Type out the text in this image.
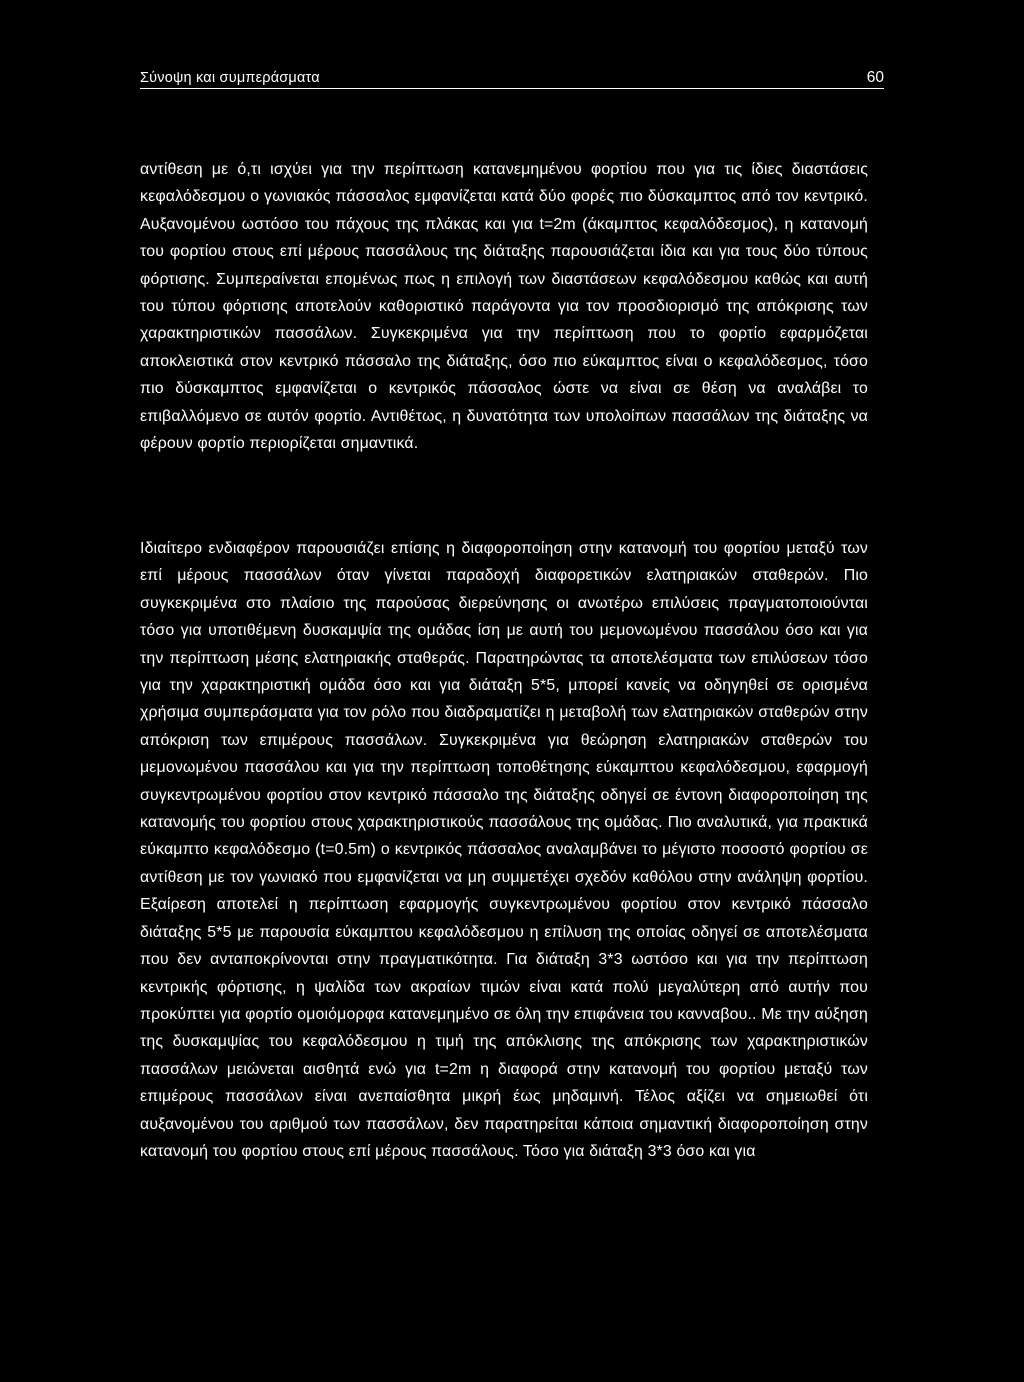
Σύνοψη και συμπεράσματα	60

αντίθεση με ό,τι ισχύει για την περίπτωση κατανεμημένου φορτίου που για τις ίδιες διαστάσεις κεφαλόδεσμου ο γωνιακός πάσσαλος εμφανίζεται κατά δύο φορές πιο δύσκαμπτος από τον κεντρικό. Αυξανομένου ωστόσο του πάχους της πλάκας και για t=2m (άκαμπτος κεφαλόδεσμος), η κατανομή του φορτίου στους επί μέρους πασσάλους της διάταξης παρουσιάζεται ίδια και για τους δύο τύπους φόρτισης. Συμπεραίνεται επομένως πως η επιλογή των διαστάσεων κεφαλόδεσμου καθώς και αυτή του τύπου φόρτισης αποτελούν καθοριστικό παράγοντα για τον προσδιορισμό της απόκρισης των χαρακτηριστικών πασσάλων. Συγκεκριμένα για την περίπτωση που το φορτίο εφαρμόζεται αποκλειστικά στον κεντρικό πάσσαλο της διάταξης, όσο πιο εύκαμπτος είναι ο κεφαλόδεσμος, τόσο πιο δύσκαμπτος εμφανίζεται ο κεντρικός πάσσαλος ώστε να είναι σε θέση να αναλάβει το επιβαλλόμενο σε αυτόν φορτίο. Αντιθέτως, η δυνατότητα των υπολοίπων πασσάλων της διάταξης να φέρουν φορτίο περιορίζεται σημαντικά.

Ιδιαίτερο ενδιαφέρον παρουσιάζει επίσης η διαφοροποίηση στην κατανομή του φορτίου μεταξύ των επί μέρους πασσάλων όταν γίνεται παραδοχή διαφορετικών ελατηριακών σταθερών. Πιο συγκεκριμένα στο πλαίσιο της παρούσας διερεύνησης οι ανωτέρω επιλύσεις πραγματοποιούνται τόσο για υποτιθέμενη δυσκαμψία της ομάδας ίση με αυτή του μεμονωμένου πασσάλου όσο και για την περίπτωση μέσης ελατηριακής σταθεράς. Παρατηρώντας τα αποτελέσματα των επιλύσεων τόσο για την χαρακτηριστική ομάδα όσο και για διάταξη 5*5, μπορεί κανείς να οδηγηθεί σε ορισμένα χρήσιμα συμπεράσματα για τον ρόλο που διαδραματίζει η μεταβολή των ελατηριακών σταθερών στην απόκριση των επιμέρους πασσάλων. Συγκεκριμένα για θεώρηση ελατηριακών σταθερών του μεμονωμένου πασσάλου και για την περίπτωση τοποθέτησης εύκαμπτου κεφαλόδεσμου, εφαρμογή συγκεντρωμένου φορτίου στον κεντρικό πάσσαλο της διάταξης οδηγεί σε έντονη διαφοροποίηση της κατανομής του φορτίου στους χαρακτηριστικούς πασσάλους της ομάδας. Πιο αναλυτικά, για πρακτικά εύκαμπτο κεφαλόδεσμο (t=0.5m) ο κεντρικός πάσσαλος αναλαμβάνει το μέγιστο ποσοστό φορτίου σε αντίθεση με τον γωνιακό που εμφανίζεται να μη συμμετέχει σχεδόν καθόλου στην ανάληψη φορτίου. Εξαίρεση αποτελεί η περίπτωση εφαρμογής συγκεντρωμένου φορτίου στον κεντρικό πάσσαλο διάταξης 5*5 με παρουσία εύκαμπτου κεφαλόδεσμου η επίλυση της οποίας οδηγεί σε αποτελέσματα που δεν ανταποκρίνονται στην πραγματικότητα. Για διάταξη 3*3 ωστόσο και για την περίπτωση κεντρικής φόρτισης, η ψαλίδα των ακραίων τιμών είναι κατά πολύ μεγαλύτερη από αυτήν που προκύπτει για φορτίο ομοιόμορφα κατανεμημένο σε όλη την επιφάνεια του κανναβου.. Με την αύξηση της δυσκαμψίας του κεφαλόδεσμου η τιμή της απόκλισης της απόκρισης των χαρακτηριστικών πασσάλων μειώνεται αισθητά ενώ για t=2m η διαφορά στην κατανομή του φορτίου μεταξύ των επιμέρους πασσάλων είναι ανεπαίσθητα μικρή έως μηδαμινή. Τέλος αξίζει να σημειωθεί ότι αυξανομένου του αριθμού των πασσάλων, δεν παρατηρείται κάποια σημαντική διαφοροποίηση στην κατανομή του φορτίου στους επί μέρους πασσάλους. Τόσο για διάταξη 3*3 όσο και για
